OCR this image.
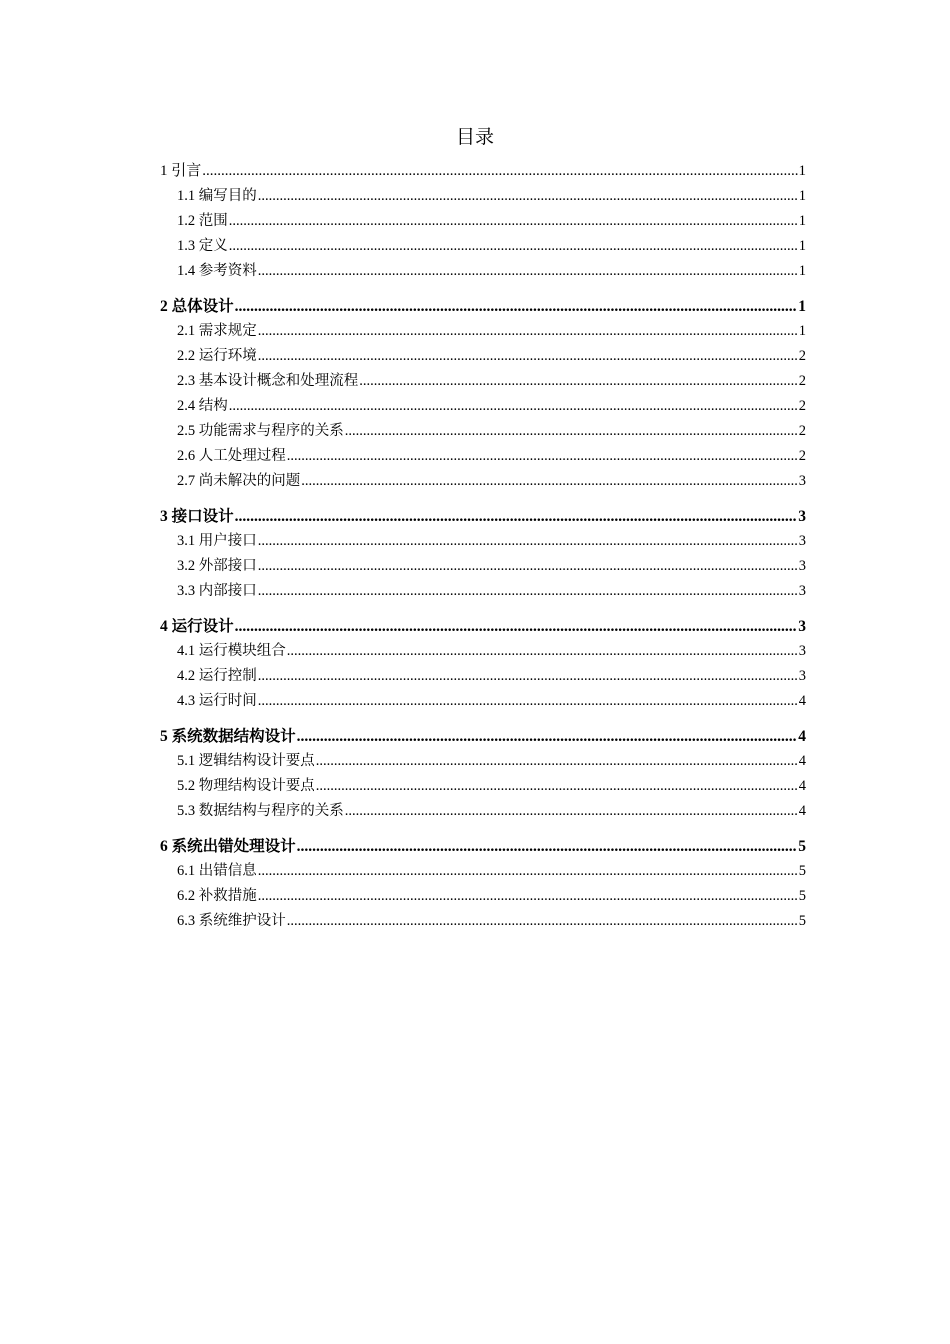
目录
1 引言 .....	1
1.1 编写目的 .....	1
1.2 范围 .....	1
1.3 定义 .....	1
1.4 参考资料 .....	1
2 总体设计 .....	1
2.1 需求规定 .....	1
2.2 运行环境 .....	2
2.3 基本设计概念和处理流程 .....	2
2.4 结构 .....	2
2.5 功能需求与程序的关系 .....	2
2.6 人工处理过程 .....	2
2.7 尚未解决的问题 .....	3
3 接口设计 .....	3
3.1 用户接口 .....	3
3.2 外部接口 .....	3
3.3 内部接口 .....	3
4 运行设计 .....	3
4.1 运行模块组合 .....	3
4.2 运行控制 .....	3
4.3 运行时间 .....	4
5 系统数据结构设计 .....	4
5.1 逻辑结构设计要点 .....	4
5.2 物理结构设计要点 .....	4
5.3 数据结构与程序的关系 .....	4
6 系统出错处理设计 .....	5
6.1 出错信息 .....	5
6.2 补救措施 .....	5
6.3 系统维护设计 .....	5
